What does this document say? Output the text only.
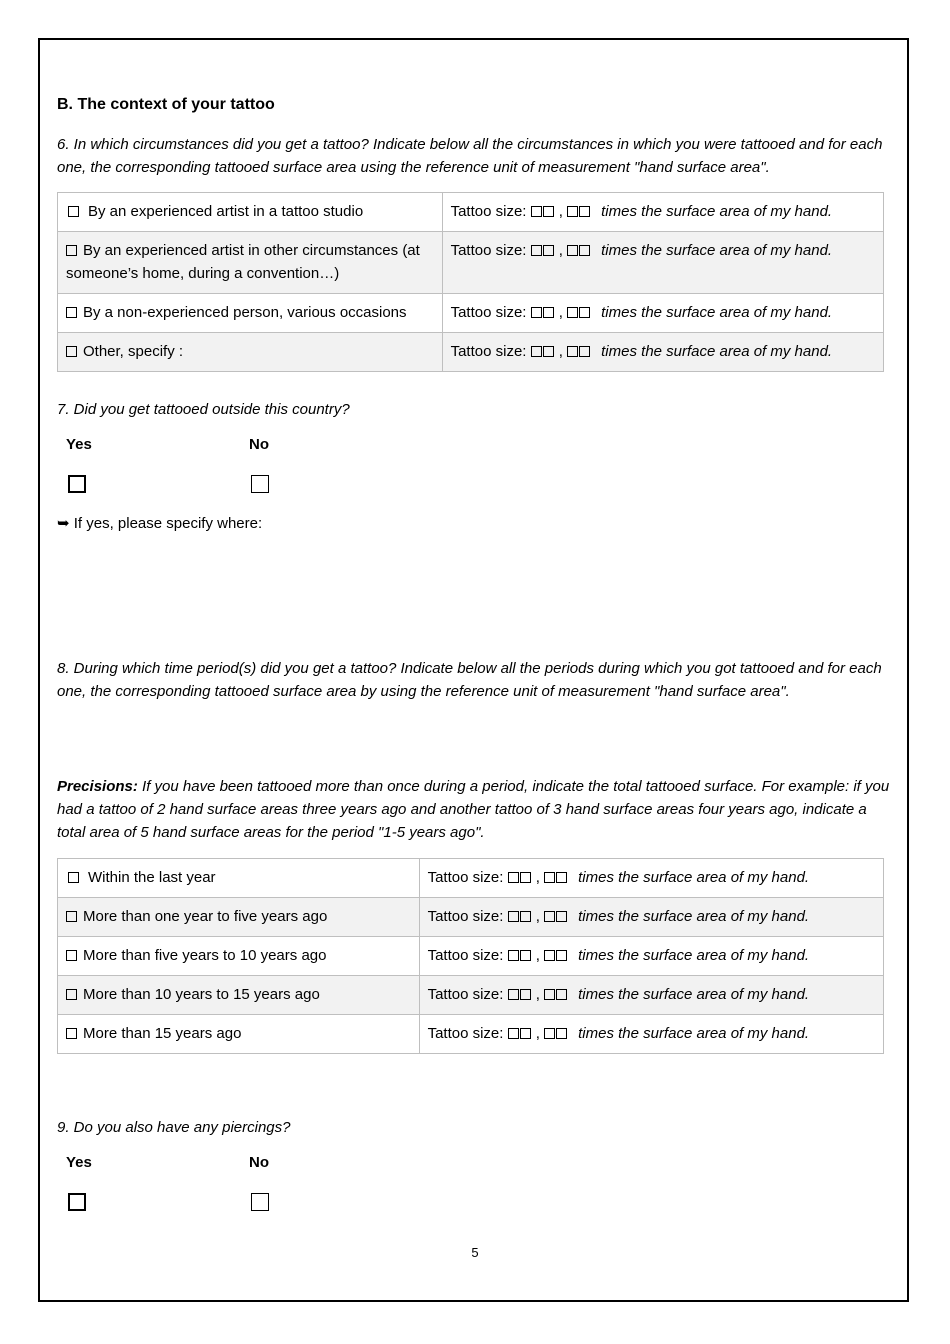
B. The context of your tattoo
6. In which circumstances did you get a tattoo? Indicate below all the circumstances in which you were tattooed and for each one, the corresponding tattooed surface area using the reference unit of measurement "hand surface area".
By an experienced artist in a tattoo studio	Tattoo size:  , times the surface area of my hand.
By an experienced artist in other circumstances (at someone’s home, during a convention…)	Tattoo size:  , times the surface area of my hand.
By a non-experienced person, various occasions	Tattoo size:  , times the surface area of my hand.
Other, specify :	Tattoo size:  , times the surface area of my hand.
7. Did you get tattooed outside this country?
Yes	No
➥ If yes, please specify where:
8. During which time period(s) did you get a tattoo? Indicate below all the periods during which you got tattooed and for each one, the corresponding tattooed surface area by using the reference unit of measurement "hand surface area".
Precisions: If you have been tattooed more than once during a period, indicate the total tattooed surface. For example: if you had a tattoo of 2 hand surface areas three years ago and another tattoo of 3 hand surface areas four years ago, indicate a total area of 5 hand surface areas for the period "1-5 years ago".
Within the last year	Tattoo size:  , times the surface area of my hand.
More than one year to five years ago	Tattoo size:  , times the surface area of my hand.
More than five years to 10 years ago	Tattoo size:  , times the surface area of my hand.
More than 10 years to 15 years ago	Tattoo size:  , times the surface area of my hand.
More than 15 years ago	Tattoo size:  , times the surface area of my hand.
9. Do you also have any piercings?
Yes	No
5
